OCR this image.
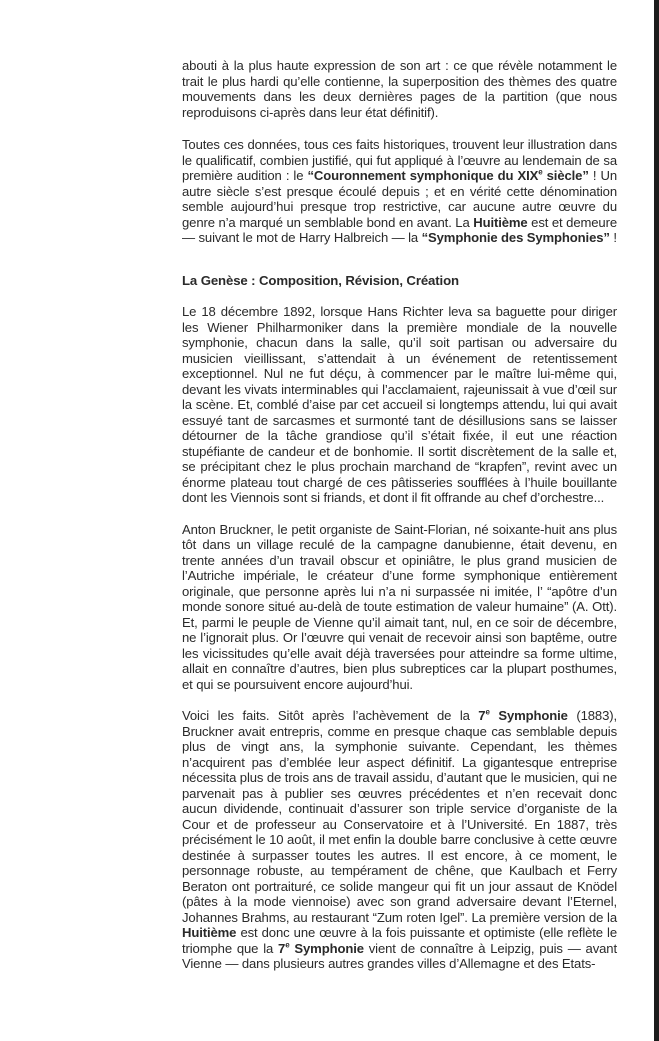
abouti à la plus haute expression de son art : ce que révèle notamment le trait le plus hardi qu’elle contienne, la superposition des thèmes des quatre mouvements dans les deux dernières pages de la partition (que nous reproduisons ci-après dans leur état définitif).

Toutes ces données, tous ces faits historiques, trouvent leur illustration dans le qualificatif, combien justifié, qui fut appliqué à l’œuvre au lendemain de sa première audition : le “Couronnement symphonique du XIXe siècle” ! Un autre siècle s’est presque écoulé depuis ; et en vérité cette dénomination semble aujourd’hui presque trop restrictive, car aucune autre œuvre du genre n’a marqué un semblable bond en avant. La Huitième est et demeure — suivant le mot de Harry Halbreich — la “Symphonie des Symphonies” !

La Genèse : Composition, Révision, Création

Le 18 décembre 1892, lorsque Hans Richter leva sa baguette pour diriger les Wiener Philharmoniker dans la première mondiale de la nouvelle symphonie, chacun dans la salle, qu’il soit partisan ou adversaire du musicien vieillissant, s’attendait à un événement de retentissement exceptionnel. Nul ne fut déçu, à commencer par le maître lui-même qui, devant les vivats interminables qui l’acclamaient, rajeunissait à vue d’œil sur la scène. Et, comblé d’aise par cet accueil si longtemps attendu, lui qui avait essuyé tant de sarcasmes et surmonté tant de désillusions sans se laisser détourner de la tâche grandiose qu’il s’était fixée, il eut une réaction stupéfiante de candeur et de bonhomie. Il sortit discrètement de la salle et, se précipitant chez le plus prochain marchand de “krapfen”, revint avec un énorme plateau tout chargé de ces pâtisseries soufflées à l’huile bouillante dont les Viennois sont si friands, et dont il fit offrande au chef d’orchestre...

Anton Bruckner, le petit organiste de Saint-Florian, né soixante-huit ans plus tôt dans un village reculé de la campagne danubienne, était devenu, en trente années d’un travail obscur et opiniâtre, le plus grand musicien de l’Autriche impériale, le créateur d’une forme symphonique entièrement originale, que personne après lui n’a ni surpassée ni imitée, l’ “apôtre d’un monde sonore situé au-delà de toute estimation de valeur humaine” (A. Ott). Et, parmi le peuple de Vienne qu’il aimait tant, nul, en ce soir de décembre, ne l’ignorait plus. Or l’œuvre qui venait de recevoir ainsi son baptême, outre les vicissitudes qu’elle avait déjà traversées pour atteindre sa forme ultime, allait en connaître d’autres, bien plus subreptices car la plupart posthumes, et qui se poursuivent encore aujourd’hui.

Voici les faits. Sitôt après l’achèvement de la 7e Symphonie (1883), Bruckner avait entrepris, comme en presque chaque cas semblable depuis plus de vingt ans, la symphonie suivante. Cependant, les thèmes n’acquirent pas d’emblée leur aspect définitif. La gigantesque entreprise nécessita plus de trois ans de travail assidu, d’autant que le musicien, qui ne parvenait pas à publier ses œuvres précédentes et n’en recevait donc aucun dividende, continuait d’assurer son triple service d’organiste de la Cour et de professeur au Conservatoire et à l’Université. En 1887, très précisément le 10 août, il met enfin la double barre conclusive à cette œuvre destinée à surpasser toutes les autres. Il est encore, à ce moment, le personnage robuste, au tempérament de chêne, que Kaulbach et Ferry Beraton ont portraituré, ce solide mangeur qui fit un jour assaut de Knödel (pâtes à la mode viennoise) avec son grand adversaire devant l’Eternel, Johannes Brahms, au restaurant “Zum roten Igel”. La première version de la Huitième est donc une œuvre à la fois puissante et optimiste (elle reflète le triomphe que la 7e Symphonie vient de connaître à Leipzig, puis — avant Vienne — dans plusieurs autres grandes villes d’Allemagne et des Etats-
